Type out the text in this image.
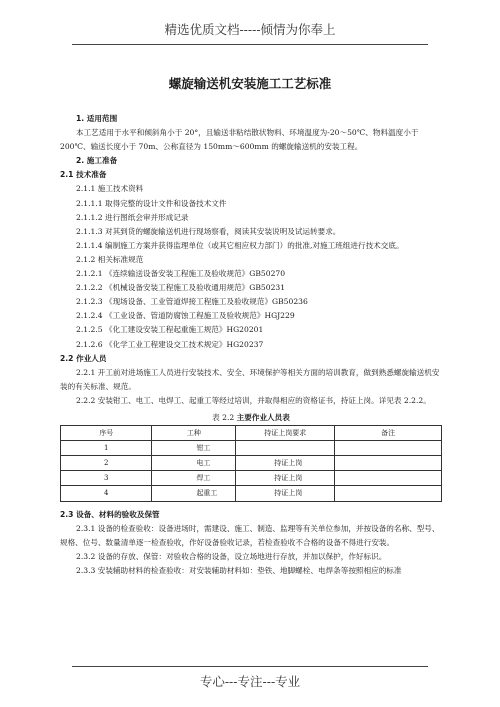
精选优质文档-----倾情为你奉上
螺旋输送机安装施工工艺标准

1. 适用范围

本工艺适用于水平和倾斜角小于 20°，且输送非粘结散状物料、环境温度为-20～50℃、物料温度小于 200℃、输送长度小于 70m、公称直径为 150mm～600mm 的螺旋输送机的安装工程。

2. 施工准备

2.1 技术准备

2.1.1 施工技术资料

2.1.1.1 取得完整的设计文件和设备技术文件

2.1.1.2 进行图纸会审并形成记录

2.1.1.3 对其到货的螺旋输送机进行现场察看，阅读其安装说明及试运转要求。

2.1.1.4 编制施工方案并获得监理单位（或其它相应权力部门）的批准,对施工班组进行技术交底。

2.1.2 相关标准规范

2.1.2.1 《连续输送设备安装工程施工及验收规范》GB50270

2.1.2.2 《机械设备安装工程施工及验收通用规范》GB50231

2.1.2.3 《现场设备、工业管道焊接工程施工及验收规范》GB50236

2.1.2.4 《工业设备、管道防腐蚀工程施工及验收规范》HGJ229

2.1.2.5 《化工建设安装工程起重施工规范》HG20201

2.1.2.6 《化学工业工程建设交工技术规定》HG20237

2.2 作业人员

2.2.1 开工前对进场施工人员进行安装技术、安全、环境保护等相关方面的培训教育，做到熟悉螺旋输送机安装的有关标准、规范。

2.2.2 安装钳工、电工、电焊工、起重工等经过培训，并取得相应的资格证书，持证上岗。详见表 2.2.2。

表 2.2 主要作业人员表
序号	工种	持证上岗要求	备注
1	钳工		
2	电工	持证上岗	
3	焊工	持证上岗	
4	起重工	持证上岗	

2.3 设备、材料的验收及保管

2.3.1 设备的检查验收：设备进场时，需建设、施工、制造、监理等有关单位参加，并按设备的名称、型号、规格、位号、数量清单逐一检查验收，作好设备验收记录，若检查验收不合格的设备不得进行安装。

2.3.2 设备的存放、保管：对验收合格的设备，设立场地进行存放，并加以保护，作好标识。

2.3.3 安装辅助材料的检查验收：对安装辅助材料如：垫铁、地脚螺栓、电焊条等按照相应的标准

专心---专注---专业
